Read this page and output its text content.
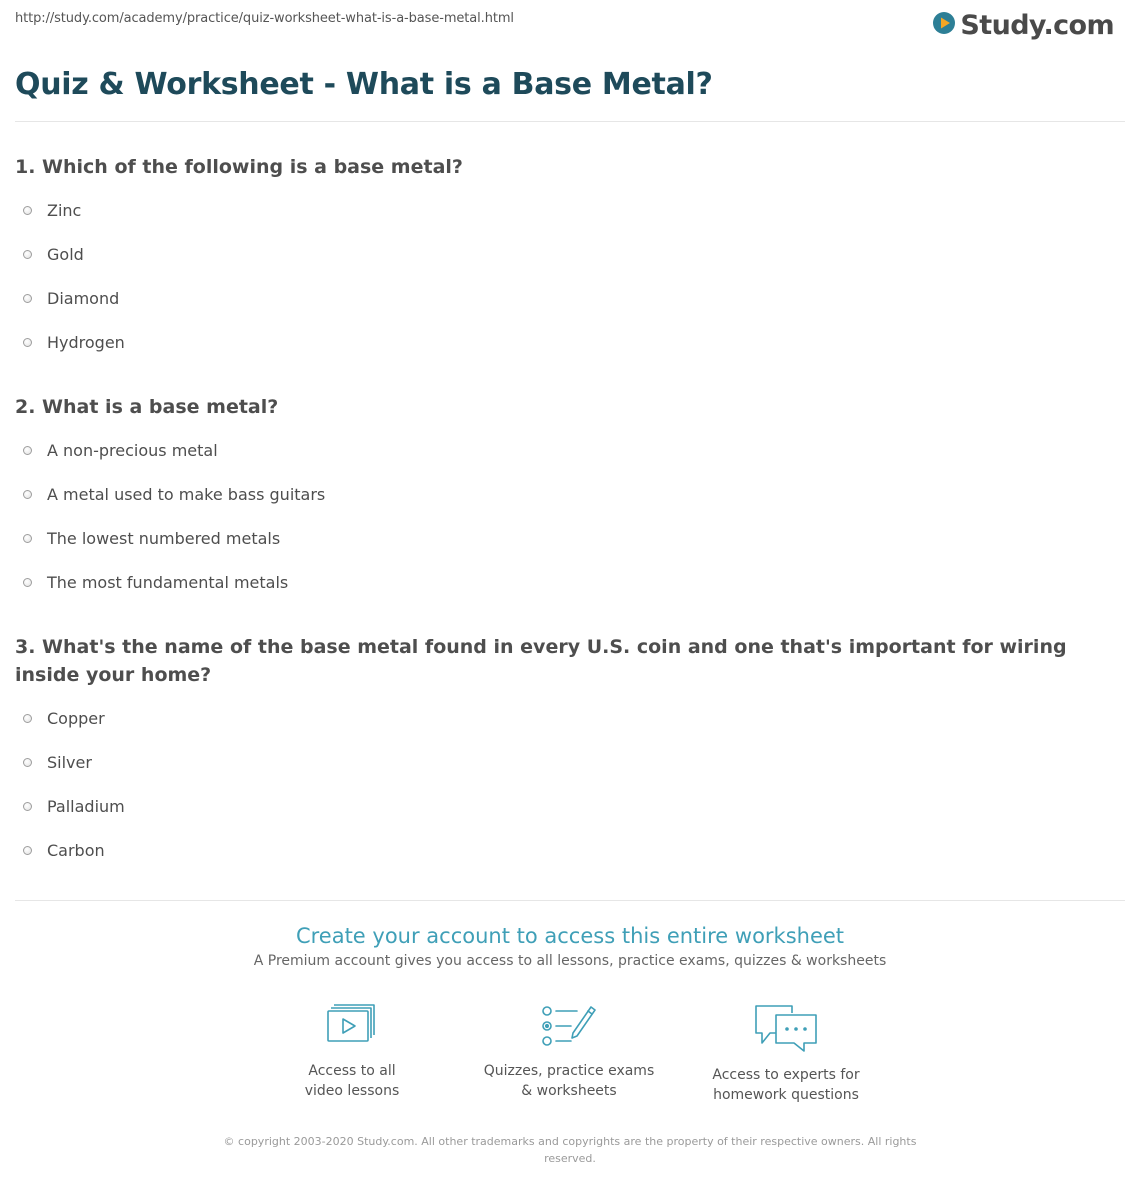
http://study.com/academy/practice/quiz-worksheet-what-is-a-base-metal.html	Study.com
Quiz & Worksheet - What is a Base Metal?
1. Which of the following is a base metal?
Zinc
Gold
Diamond
Hydrogen
2. What is a base metal?
A non-precious metal
A metal used to make bass guitars
The lowest numbered metals
The most fundamental metals
3. What's the name of the base metal found in every U.S. coin and one that's important for wiring inside your home?
Copper
Silver
Palladium
Carbon
Create your account to access this entire worksheet
A Premium account gives you access to all lessons, practice exams, quizzes & worksheets
Access to all
video lessons
Quizzes, practice exams
& worksheets
Access to experts for
homework questions
© copyright 2003-2020 Study.com. All other trademarks and copyrights are the property of their respective owners. All rights
reserved.
